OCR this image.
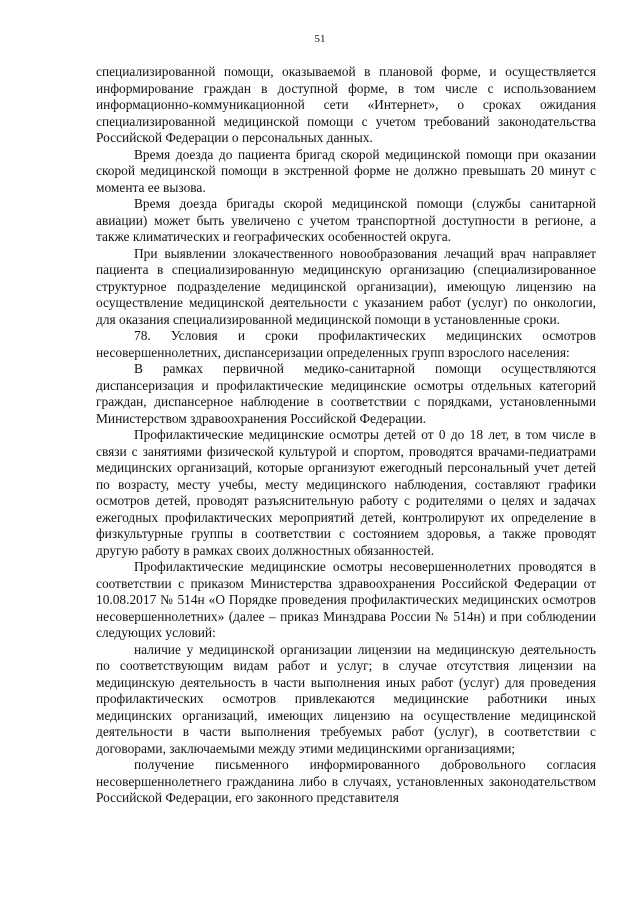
51

специализированной помощи, оказываемой в плановой форме, и осуществляется информирование граждан в доступной форме, в том числе с использованием информационно-коммуникационной сети «Интернет», о сроках ожидания специализированной медицинской помощи с учетом требований законодательства Российской Федерации о персональных данных.

Время доезда до пациента бригад скорой медицинской помощи при оказании скорой медицинской помощи в экстренной форме не должно превышать 20 минут с момента ее вызова.

Время доезда бригады скорой медицинской помощи (службы санитарной авиации) может быть увеличено с учетом транспортной доступности в регионе, а также климатических и географических особенностей округа.

При выявлении злокачественного новообразования лечащий врач направляет пациента в специализированную медицинскую организацию (специализированное структурное подразделение медицинской организации), имеющую лицензию на осуществление медицинской деятельности с указанием работ (услуг) по онкологии, для оказания специализированной медицинской помощи в установленные сроки.

78. Условия и сроки профилактических медицинских осмотров несовершеннолетних, диспансеризации определенных групп взрослого населения:

В рамках первичной медико-санитарной помощи осуществляются диспансеризация и профилактические медицинские осмотры отдельных категорий граждан, диспансерное наблюдение в соответствии с порядками, установленными Министерством здравоохранения Российской Федерации.

Профилактические медицинские осмотры детей от 0 до 18 лет, в том числе в связи с занятиями физической культурой и спортом, проводятся врачами-педиатрами медицинских организаций, которые организуют ежегодный персональный учет детей по возрасту, месту учебы, месту медицинского наблюдения, составляют графики осмотров детей, проводят разъяснительную работу с родителями о целях и задачах ежегодных профилактических мероприятий детей, контролируют их определение в физкультурные группы в соответствии с состоянием здоровья, а также проводят другую работу в рамках своих должностных обязанностей.

Профилактические медицинские осмотры несовершеннолетних проводятся в соответствии с приказом Министерства здравоохранения Российской Федерации от 10.08.2017 № 514н «О Порядке проведения профилактических медицинских осмотров несовершеннолетних» (далее – приказ Минздрава России № 514н) и при соблюдении следующих условий:

наличие у медицинской организации лицензии на медицинскую деятельность по соответствующим видам работ и услуг; в случае отсутствия лицензии на медицинскую деятельность в части выполнения иных работ (услуг) для проведения профилактических осмотров привлекаются медицинские работники иных медицинских организаций, имеющих лицензию на осуществление медицинской деятельности в части выполнения требуемых работ (услуг), в соответствии с договорами, заключаемыми между этими медицинскими организациями;

получение письменного информированного добровольного согласия несовершеннолетнего гражданина либо в случаях, установленных законодательством Российской Федерации, его законного представителя
